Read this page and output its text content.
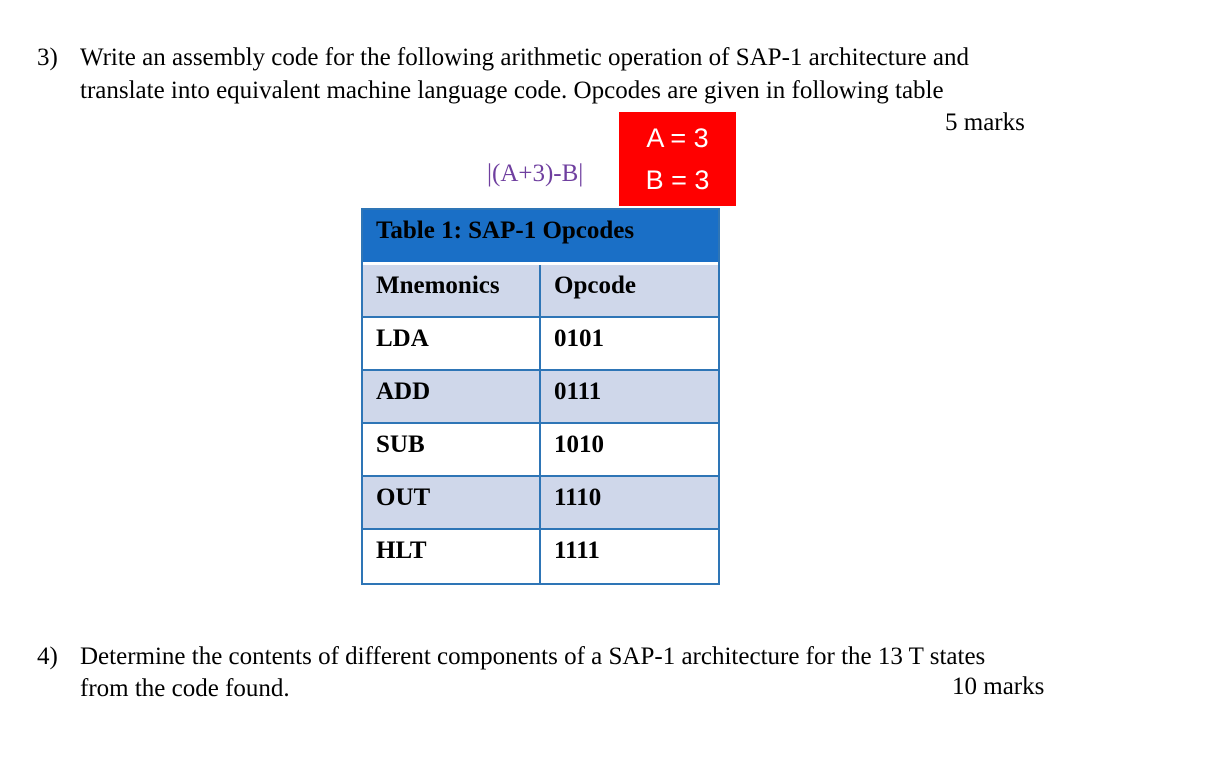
3) Write an assembly code for the following arithmetic operation of SAP-1 architecture and
translate into equivalent machine language code. Opcodes are given in following table
5 marks
|(A+3)-B|
A = 3
B = 3
Table 1: SAP-1 Opcodes
Mnemonics	Opcode
LDA	0101
ADD	0111
SUB	1010
OUT	1110
HLT	1111
4) Determine the contents of different components of a SAP-1 architecture for the 13 T states
from the code found.	10 marks
